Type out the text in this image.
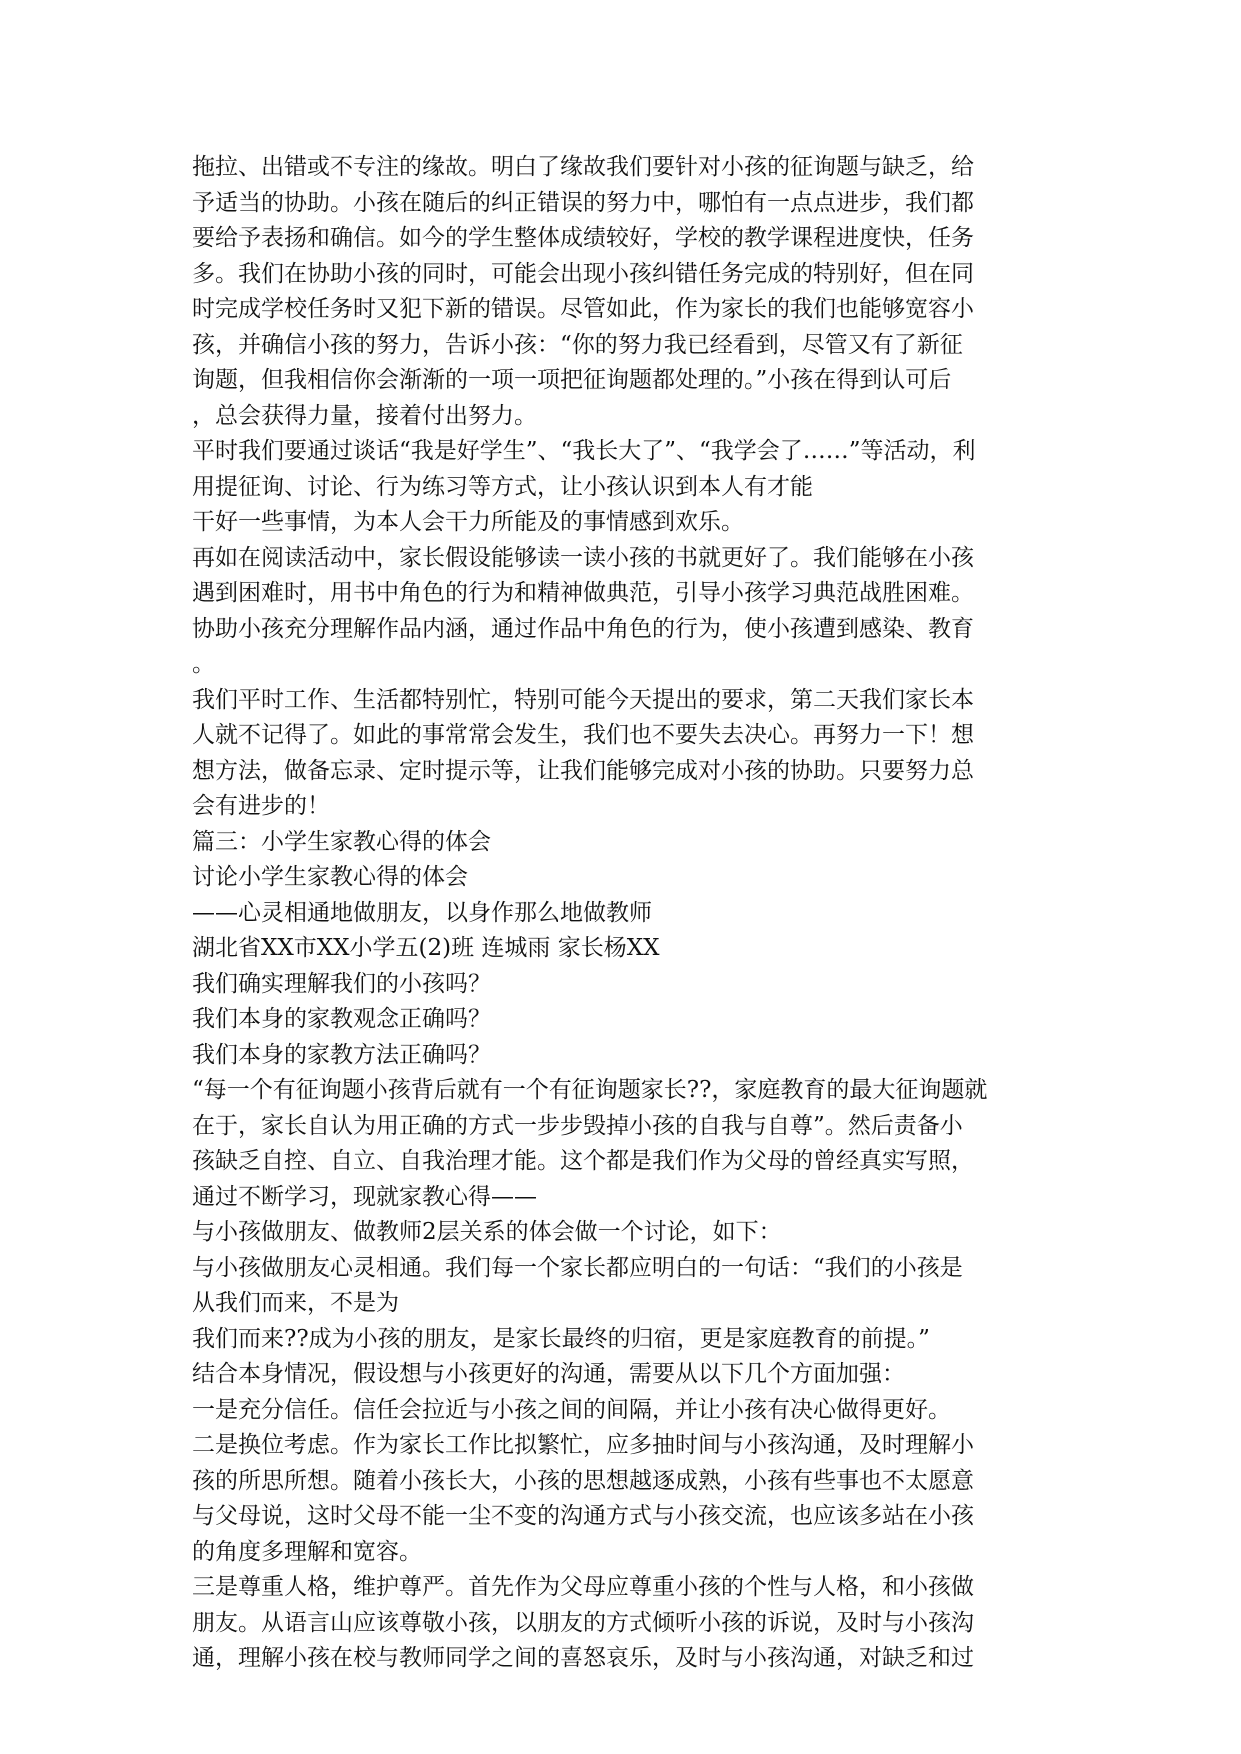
拖拉、出错或不专注的缘故。明白了缘故我们要针对小孩的征询题与缺乏，给
予适当的协助。小孩在随后的纠正错误的努力中，哪怕有一点点进步，我们都
要给予表扬和确信。如今的学生整体成绩较好，学校的教学课程进度快，任务
多。我们在协助小孩的同时，可能会出现小孩纠错任务完成的特别好，但在同
时完成学校任务时又犯下新的错误。尽管如此，作为家长的我们也能够宽容小
孩，并确信小孩的努力，告诉小孩：“你的努力我已经看到，尽管又有了新征
询题，但我相信你会渐渐的一项一项把征询题都处理的。”小孩在得到认可后
，总会获得力量，接着付出努力。
平时我们要通过谈话“我是好学生”、“我长大了”、“我学会了……”等活动，利
用提征询、讨论、行为练习等方式，让小孩认识到本人有才能
干好一些事情，为本人会干力所能及的事情感到欢乐。
再如在阅读活动中，家长假设能够读一读小孩的书就更好了。我们能够在小孩
遇到困难时，用书中角色的行为和精神做典范，引导小孩学习典范战胜困难。
协助小孩充分理解作品内涵，通过作品中角色的行为，使小孩遭到感染、教育
。
我们平时工作、生活都特别忙，特别可能今天提出的要求，第二天我们家长本
人就不记得了。如此的事常常会发生，我们也不要失去决心。再努力一下！想
想方法，做备忘录、定时提示等，让我们能够完成对小孩的协助。只要努力总
会有进步的！
篇三：小学生家教心得的体会
讨论小学生家教心得的体会
——心灵相通地做朋友，以身作那么地做教师
湖北省XX市XX小学五(2)班 连城雨 家长杨XX
我们确实理解我们的小孩吗？
我们本身的家教观念正确吗？
我们本身的家教方法正确吗？
“每一个有征询题小孩背后就有一个有征询题家长??，家庭教育的最大征询题就
在于，家长自认为用正确的方式一步步毁掉小孩的自我与自尊”。然后责备小
孩缺乏自控、自立、自我治理才能。这个都是我们作为父母的曾经真实写照，
通过不断学习，现就家教心得——
与小孩做朋友、做教师2层关系的体会做一个讨论，如下：
与小孩做朋友心灵相通。我们每一个家长都应明白的一句话：“我们的小孩是
从我们而来，不是为
我们而来??成为小孩的朋友，是家长最终的归宿，更是家庭教育的前提。”
结合本身情况，假设想与小孩更好的沟通，需要从以下几个方面加强：
一是充分信任。信任会拉近与小孩之间的间隔，并让小孩有决心做得更好。
二是换位考虑。作为家长工作比拟繁忙，应多抽时间与小孩沟通，及时理解小
孩的所思所想。随着小孩长大，小孩的思想越逐成熟，小孩有些事也不太愿意
与父母说，这时父母不能一尘不变的沟通方式与小孩交流，也应该多站在小孩
的角度多理解和宽容。
三是尊重人格，维护尊严。首先作为父母应尊重小孩的个性与人格，和小孩做
朋友。从语言山应该尊敬小孩，以朋友的方式倾听小孩的诉说，及时与小孩沟
通，理解小孩在校与教师同学之间的喜怒哀乐，及时与小孩沟通，对缺乏和过
